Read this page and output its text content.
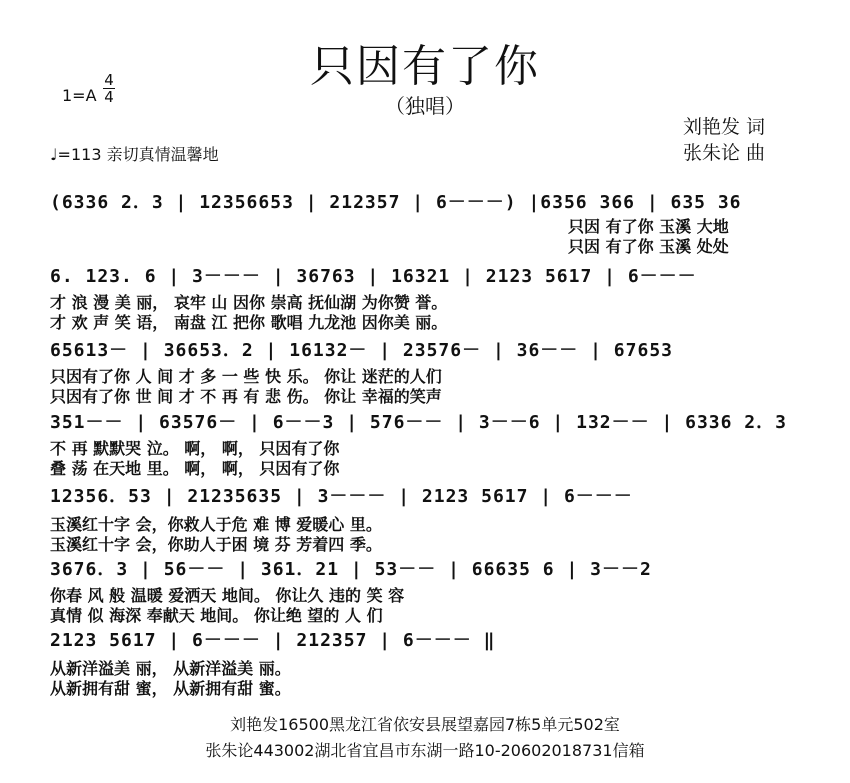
只因有了你
（独唱）
1=A
4
4
♩=113 亲切真情温馨地
刘艳发 词
张朱论 曲
(6336 2．3 | 12356653 | 212357 | 6－－－) |6356 366 | 635 36
只因 有了你 玉溪 大地
只因 有了你 玉溪 处处
6. 123. 6 | 3－－－ | 36763 | 16321 | 2123 5617 | 6－－－
才 浪 漫 美 丽， 哀牢 山 因你 崇高 抚仙湖 为你赞 誉。
才 欢 声 笑 语， 南盘 江 把你 歌唱 九龙池 因你美 丽。
65613－ | 36653．2 | 16132－ | 23576－ | 36－－ | 67653
只因有了你 人 间 才 多 一 些 快 乐。 你让 迷茫的人们
只因有了你 世 间 才 不 再 有 悲 伤。 你让 幸福的笑声
351－－ | 63576－ | 6－－3 | 576－－ | 3－－6 | 132－－ | 6336 2．3
不 再 默默哭 泣。 啊， 啊， 只因有了你
叠 荡 在天地 里。 啊， 啊， 只因有了你
12356．53 | 21235635 | 3－－－ | 2123 5617 | 6－－－
玉溪红十字 会，你救人于危 难 博 爱暖心 里。
玉溪红十字 会，你助人于困 境 芬 芳着四 季。
3676．3 | 56－－ | 361．21 | 53－－ | 66635 6 | 3－－2
你春 风 般 温暖 爱洒天 地间。 你让久 违的 笑 容
真情 似 海深 奉献天 地间。 你让绝 望的 人 们
2123 5617 | 6－－－ | 212357 | 6－－－ ‖
从新洋溢美 丽， 从新洋溢美 丽。
从新拥有甜 蜜， 从新拥有甜 蜜。
刘艳发16500黑龙江省依安县展望嘉园7栋5单元502室
张朱论443002湖北省宜昌市东湖一路10-20602018731信箱
